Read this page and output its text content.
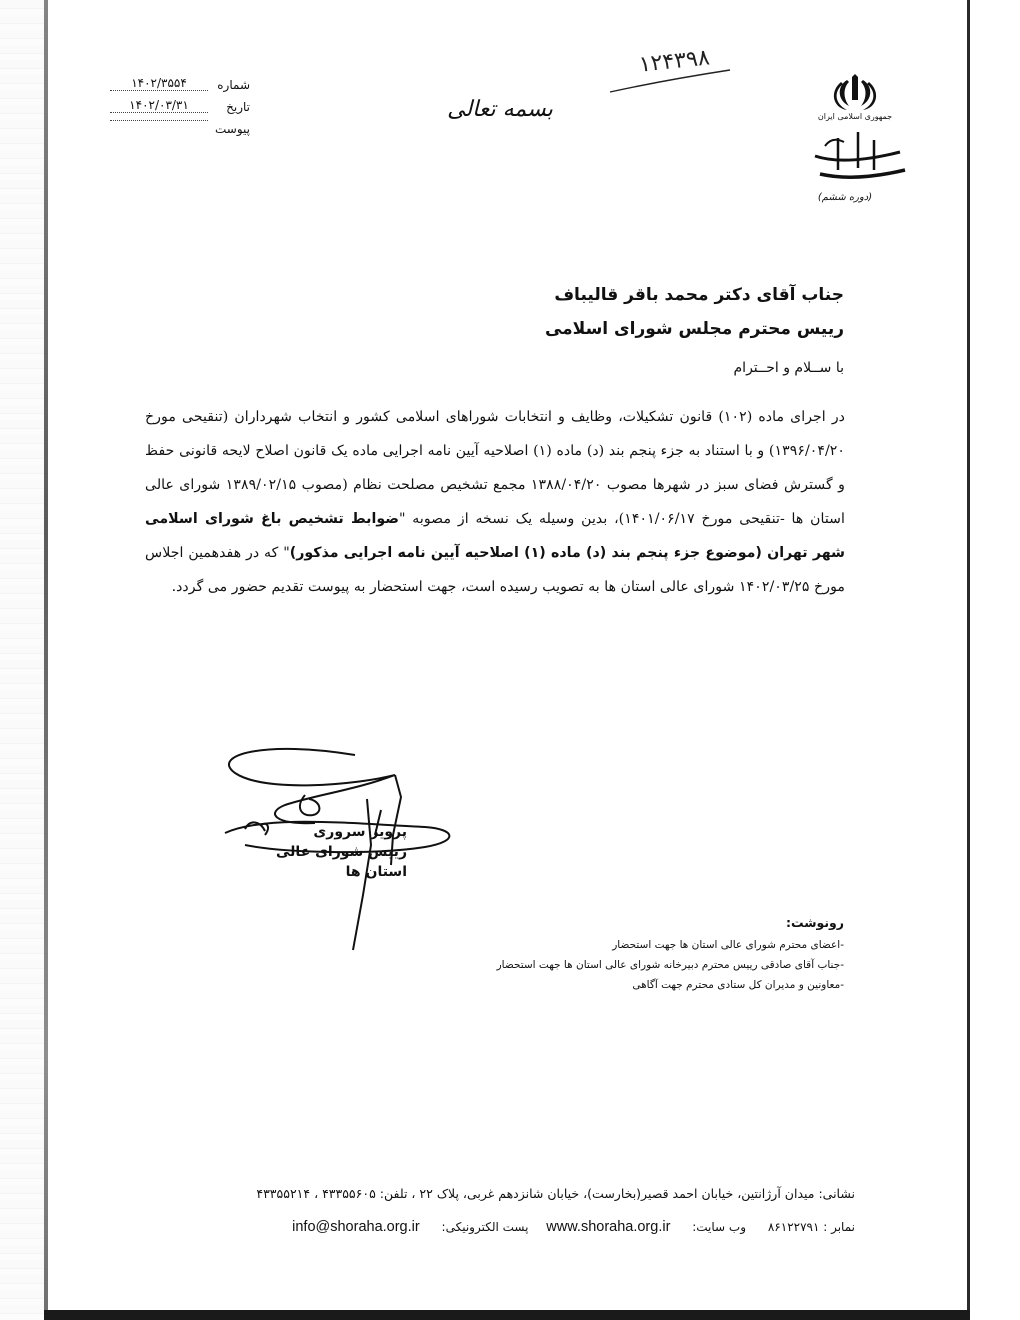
شماره
۱۴۰۲/۳۵۵۴
تاریخ
۱۴۰۲/۰۳/۳۱
پیوست
بسمه تعالی
۱۲۴۳۹۸
جمهوری اسلامی ایران
(دوره ششم)
جناب آقای دکتر محمد باقر قالیباف
رییس محترم مجلس شورای اسلامی
با ســلام و احــترام
در اجرای ماده (۱۰۲) قانون تشکیلات، وظایف و انتخابات شوراهای اسلامی کشور و انتخاب شهرداران (تنقیحی مورخ ۱۳۹۶/۰۴/۲۰) و با استناد به جزء پنجم بند (د) ماده (۱) اصلاحیه آیین نامه اجرایی ماده یک قانون اصلاح لایحه قانونی حفظ و گسترش فضای سبز در شهرها مصوب ۱۳۸۸/۰۴/۲۰ مجمع تشخیص مصلحت نظام (مصوب ۱۳۸۹/۰۲/۱۵ شورای عالی استان ها -تنقیحی مورخ ۱۴۰۱/۰۶/۱۷)، بدین وسیله یک نسخه از مصوبه "ضوابط تشخیص باغ شورای اسلامی شهر تهران (موضوع جزء پنجم بند (د) ماده (۱) اصلاحیه آیین نامه اجرایی مذکور)" که در هفدهمین اجلاس مورخ ۱۴۰۲/۰۳/۲۵ شورای عالی استان ها به تصویب رسیده است، جهت استحضار به پیوست تقدیم حضور می گردد.
پرویز سروری
رییس شورای عالی استان ها
رونوشت:
-اعضای محترم شورای عالی استان ها جهت استحضار
-جناب آقای صادقی رییس محترم دبیرخانه شورای عالی استان ها جهت استحضار
-معاونین و مدیران کل ستادی محترم جهت آگاهی
نشانی: میدان آرژانتین، خیابان احمد قصیر(بخارست)، خیابان شانزدهم غربی، پلاک ۲۲ ، تلفن: ۴۳۳۵۵۶۰۵ ، ۴۳۳۵۵۲۱۴
نمابر : ۸۶۱۲۲۷۹۱ وب سایت: www.shoraha.org.ir پست الکترونیکی: info@shoraha.org.ir
